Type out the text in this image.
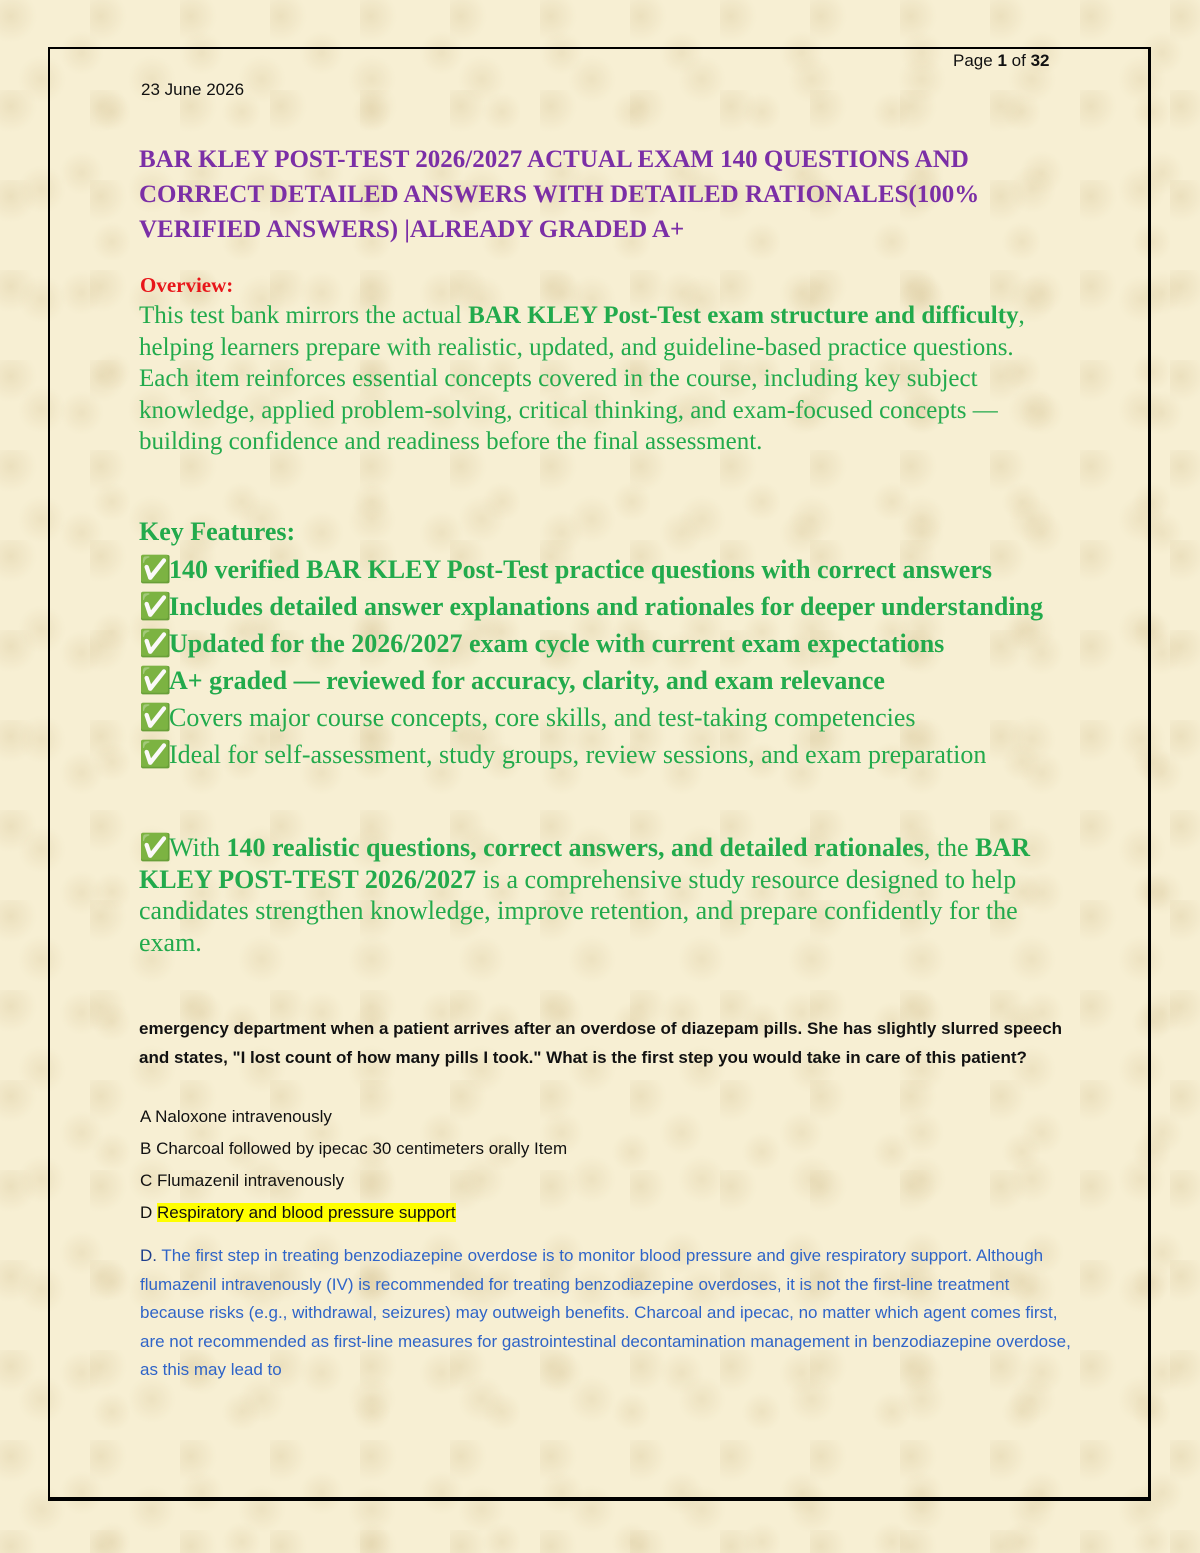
Page 1 of 32
23 June 2026
BAR KLEY POST-TEST 2026/2027 ACTUAL EXAM 140 QUESTIONS AND CORRECT DETAILED ANSWERS WITH DETAILED RATIONALES(100% VERIFIED ANSWERS) |ALREADY GRADED A+
Overview:

This test bank mirrors the actual BAR KLEY Post-Test exam structure and difficulty, helping learners prepare with realistic, updated, and guideline-based practice questions. Each item reinforces essential concepts covered in the course, including key subject knowledge, applied problem-solving, critical thinking, and exam-focused concepts — building confidence and readiness before the final assessment.

Key Features:
✅140 verified BAR KLEY Post-Test practice questions with correct answers
✅Includes detailed answer explanations and rationales for deeper understanding
✅Updated for the 2026/2027 exam cycle with current exam expectations
✅A+ graded — reviewed for accuracy, clarity, and exam relevance
✅Covers major course concepts, core skills, and test-taking competencies
✅Ideal for self-assessment, study groups, review sessions, and exam preparation

✅With 140 realistic questions, correct answers, and detailed rationales, the BAR KLEY POST-TEST 2026/2027 is a comprehensive study resource designed to help candidates strengthen knowledge, improve retention, and prepare confidently for the exam.

emergency department when a patient arrives after an overdose of diazepam pills. She has slightly slurred speech and states, "I lost count of how many pills I took." What is the first step you would take in care of this patient?

A Naloxone intravenously
B Charcoal followed by ipecac 30 centimeters orally Item
C Flumazenil intravenously
D Respiratory and blood pressure support

D. The first step in treating benzodiazepine overdose is to monitor blood pressure and give respiratory support. Although flumazenil intravenously (IV) is recommended for treating benzodiazepine overdoses, it is not the first-line treatment because risks (e.g., withdrawal, seizures) may outweigh benefits. Charcoal and ipecac, no matter which agent comes first, are not recommended as first-line measures for gastrointestinal decontamination management in benzodiazepine overdose, as this may lead to
